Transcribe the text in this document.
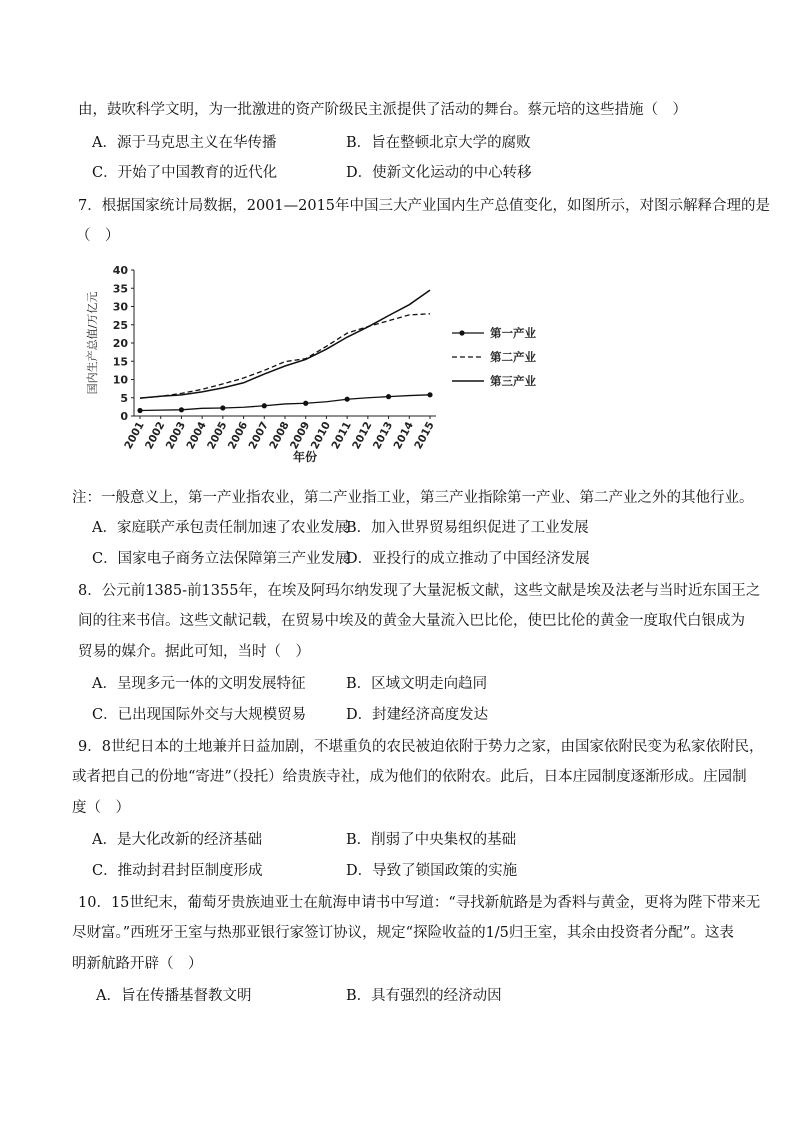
由，鼓吹科学文明，为一批激进的资产阶级民主派提供了活动的舞台。蔡元培的这些措施（　）
A．源于马克思主义在华传播	B．旨在整顿北京大学的腐败
C．开始了中国教育的近代化	D．使新文化运动的中心转移
7．根据国家统计局数据，2001—2015年中国三大产业国内生产总值变化，如图所示，对图示解释合理的是
（　）
0
5
10
15
20
25
30
35
40
2001
2002
2003
2004
2005
2006
2007
2008
2009
2010
2011
2012
2013
2014
2015
年份
国内生产总值/万亿元	第一产业
第二产业
第三产业
注：一般意义上，第一产业指农业，第二产业指工业，第三产业指除第一产业、第二产业之外的其他行业。
A．家庭联产承包责任制加速了农业发展
B．加入世界贸易组织促进了工业发展
C．国家电子商务立法保障第三产业发展
D．亚投行的成立推动了中国经济发展
8．公元前1385-前1355年，在埃及阿玛尔纳发现了大量泥板文献，这些文献是埃及法老与当时近东国王之
间的往来书信。这些文献记载，在贸易中埃及的黄金大量流入巴比伦，使巴比伦的黄金一度取代白银成为
贸易的媒介。据此可知，当时（　）
A．呈现多元一体的文明发展特征	B．区域文明走向趋同
C．已出现国际外交与大规模贸易	D．封建经济高度发达
9．8世纪日本的土地兼并日益加剧，不堪重负的农民被迫依附于势力之家，由国家依附民变为私家依附民，
或者把自己的份地“寄进”（投托）给贵族寺社，成为他们的依附农。此后，日本庄园制度逐渐形成。庄园制
度（　）
A．是大化改新的经济基础	B．削弱了中央集权的基础
C．推动封君封臣制度形成	D．导致了锁国政策的实施
10．15世纪末，葡萄牙贵族迪亚士在航海申请书中写道：“寻找新航路是为香料与黄金，更将为陛下带来无
尽财富。”西班牙王室与热那亚银行家签订协议，规定“探险收益的1/5归王室，其余由投资者分配”。这表
明新航路开辟（　）
A．旨在传播基督教文明	B．具有强烈的经济动因
